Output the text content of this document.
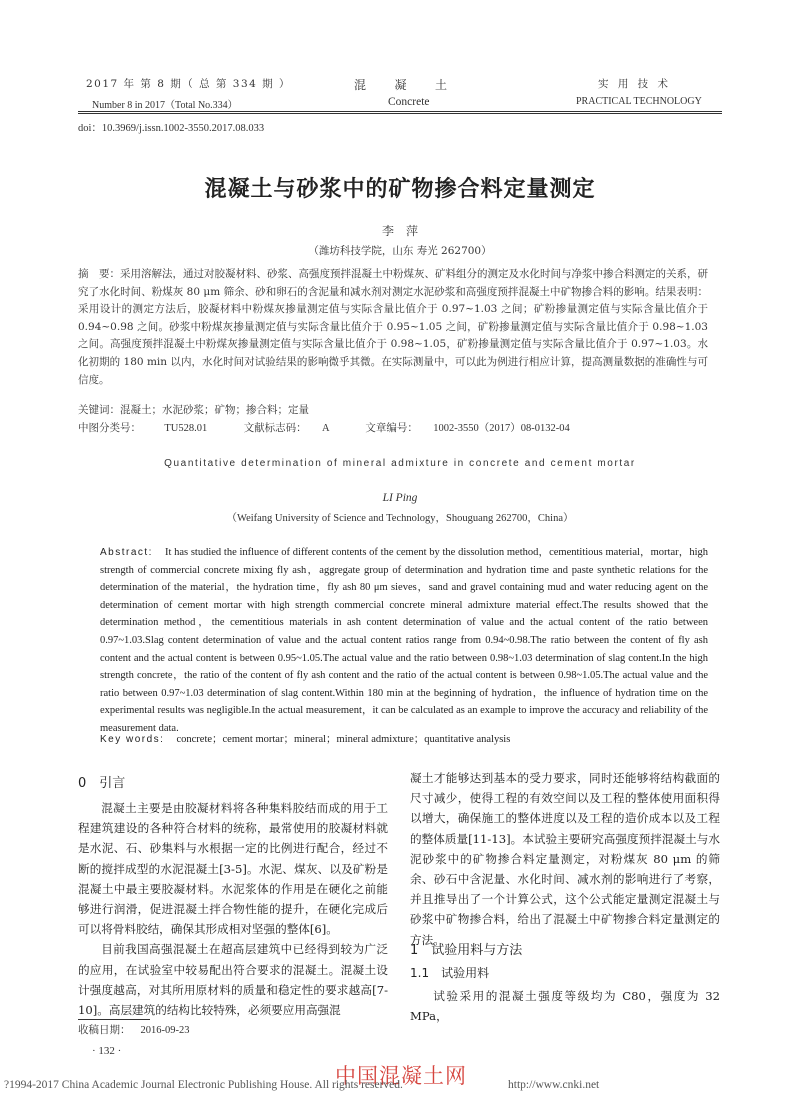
2017 年 第 8 期（ 总 第 334 期 ）
Number 8 in 2017（Total No.334）
混　　凝　　土
Concrete
实 用 技 术
PRACTICAL TECHNOLOGY
doi：10.3969/j.issn.1002-3550.2017.08.033
混凝土与砂浆中的矿物掺合料定量测定
李　萍
（潍坊科技学院，山东 寿光 262700）
摘　要：采用溶解法，通过对胶凝材料、砂浆、高强度预拌混凝土中粉煤灰、矿料组分的测定及水化时间与净浆中掺合料测定的关系，研究了水化时间、粉煤灰 80 μm 筛余、砂和卵石的含泥量和减水剂对测定水泥砂浆和高强度预拌混凝土中矿物掺合料的影响。结果表明：采用设计的测定方法后，胶凝材料中粉煤灰掺量测定值与实际含量比值介于 0.97~1.03 之间；矿粉掺量测定值与实际含量比值介于 0.94~0.98 之间。砂浆中粉煤灰掺量测定值与实际含量比值介于 0.95~1.05 之间，矿粉掺量测定值与实际含量比值介于 0.98~1.03 之间。高强度预拌混凝土中粉煤灰掺量测定值与实际含量比值介于 0.98~1.05，矿粉掺量测定值与实际含量比值介于 0.97~1.03。水化初期的 180 min 以内，水化时间对试验结果的影响微乎其微。在实际测量中，可以此为例进行相应计算，提高测量数据的准确性与可信度。
关键词：混凝土；水泥砂浆；矿物；掺合料；定量
中图分类号： TU528.01	文献标志码： A	文章编号： 1002-3550（2017）08-0132-04
Quantitative determination of mineral admixture in concrete and cement mortar
LI Ping
（Weifang University of Science and Technology，Shouguang 262700，China）
Abstract: It has studied the influence of different contents of the cement by the dissolution method，cementitious material，mortar，high strength of commercial concrete mixing fly ash，aggregate group of determination and hydration time and paste synthetic relations for the determination of the material，the hydration time，fly ash 80 μm sieves，sand and gravel containing mud and water reducing agent on the determination of cement mortar with high strength commercial concrete mineral admixture material effect.The results showed that the determination method，the cementitious materials in ash content determination of value and the actual content of the ratio between 0.97~1.03.Slag content determination of value and the actual content ratios range from 0.94~0.98.The ratio between the content of fly ash content and the actual content is between 0.95~1.05.The actual value and the ratio between 0.98~1.03 determination of slag content.In the high strength concrete，the ratio of the content of fly ash content and the ratio of the actual content is between 0.98~1.05.The actual value and the ratio between 0.97~1.03 determination of slag content.Within 180 min at the beginning of hydration，the influence of hydration time on the experimental results was negligible.In the actual measurement，it can be calculated as an example to improve the accuracy and reliability of the measurement data.
Key words: concrete；cement mortar；mineral；mineral admixture；quantitative analysis
0　引言

混凝土主要是由胶凝材料将各种集料胶结而成的用于工程建筑建设的各种符合材料的统称，最常使用的胶凝材料就是水泥、石、砂集料与水根据一定的比例进行配合，经过不断的搅拌成型的水泥混凝土[3-5]。水泥、煤灰、以及矿粉是混凝土中最主要胶凝材料。水泥浆体的作用是在硬化之前能够进行润滑，促进混凝土拌合物性能的提升，在硬化完成后可以将骨料胶结，确保其形成相对坚强的整体[6]。

目前我国高强混凝土在超高层建筑中已经得到较为广泛的应用，在试验室中较易配出符合要求的混凝土。混凝土设计强度越高，对其所用原材料的质量和稳定性的要求越高[7-10]。高层建筑的结构比较特殊，必须要应用高强混

收稿日期： 2016-09-23
· 132 ·

凝土才能够达到基本的受力要求，同时还能够将结构截面的尺寸减少，使得工程的有效空间以及工程的整体使用面积得以增大，确保施工的整体进度以及工程的造价成本以及工程的整体质量[11-13]。本试验主要研究高强度预拌混凝土与水泥砂浆中的矿物掺合料定量测定，对粉煤灰 80 μm 的筛余、砂石中含泥量、水化时间、减水剂的影响进行了考察，并且推导出了一个计算公式，这个公式能定量测定混凝土与砂浆中矿物掺合料，给出了混凝土中矿物掺合料定量测定的方法。

1　试验用料与方法
1.1　试验用料

试验采用的混凝土强度等级均为 C80，强度为 32 MPa，

中国混凝土网
?1994-2017 China Academic Journal Electronic Publishing House. All rights reserved.	http://www.cnki.net
